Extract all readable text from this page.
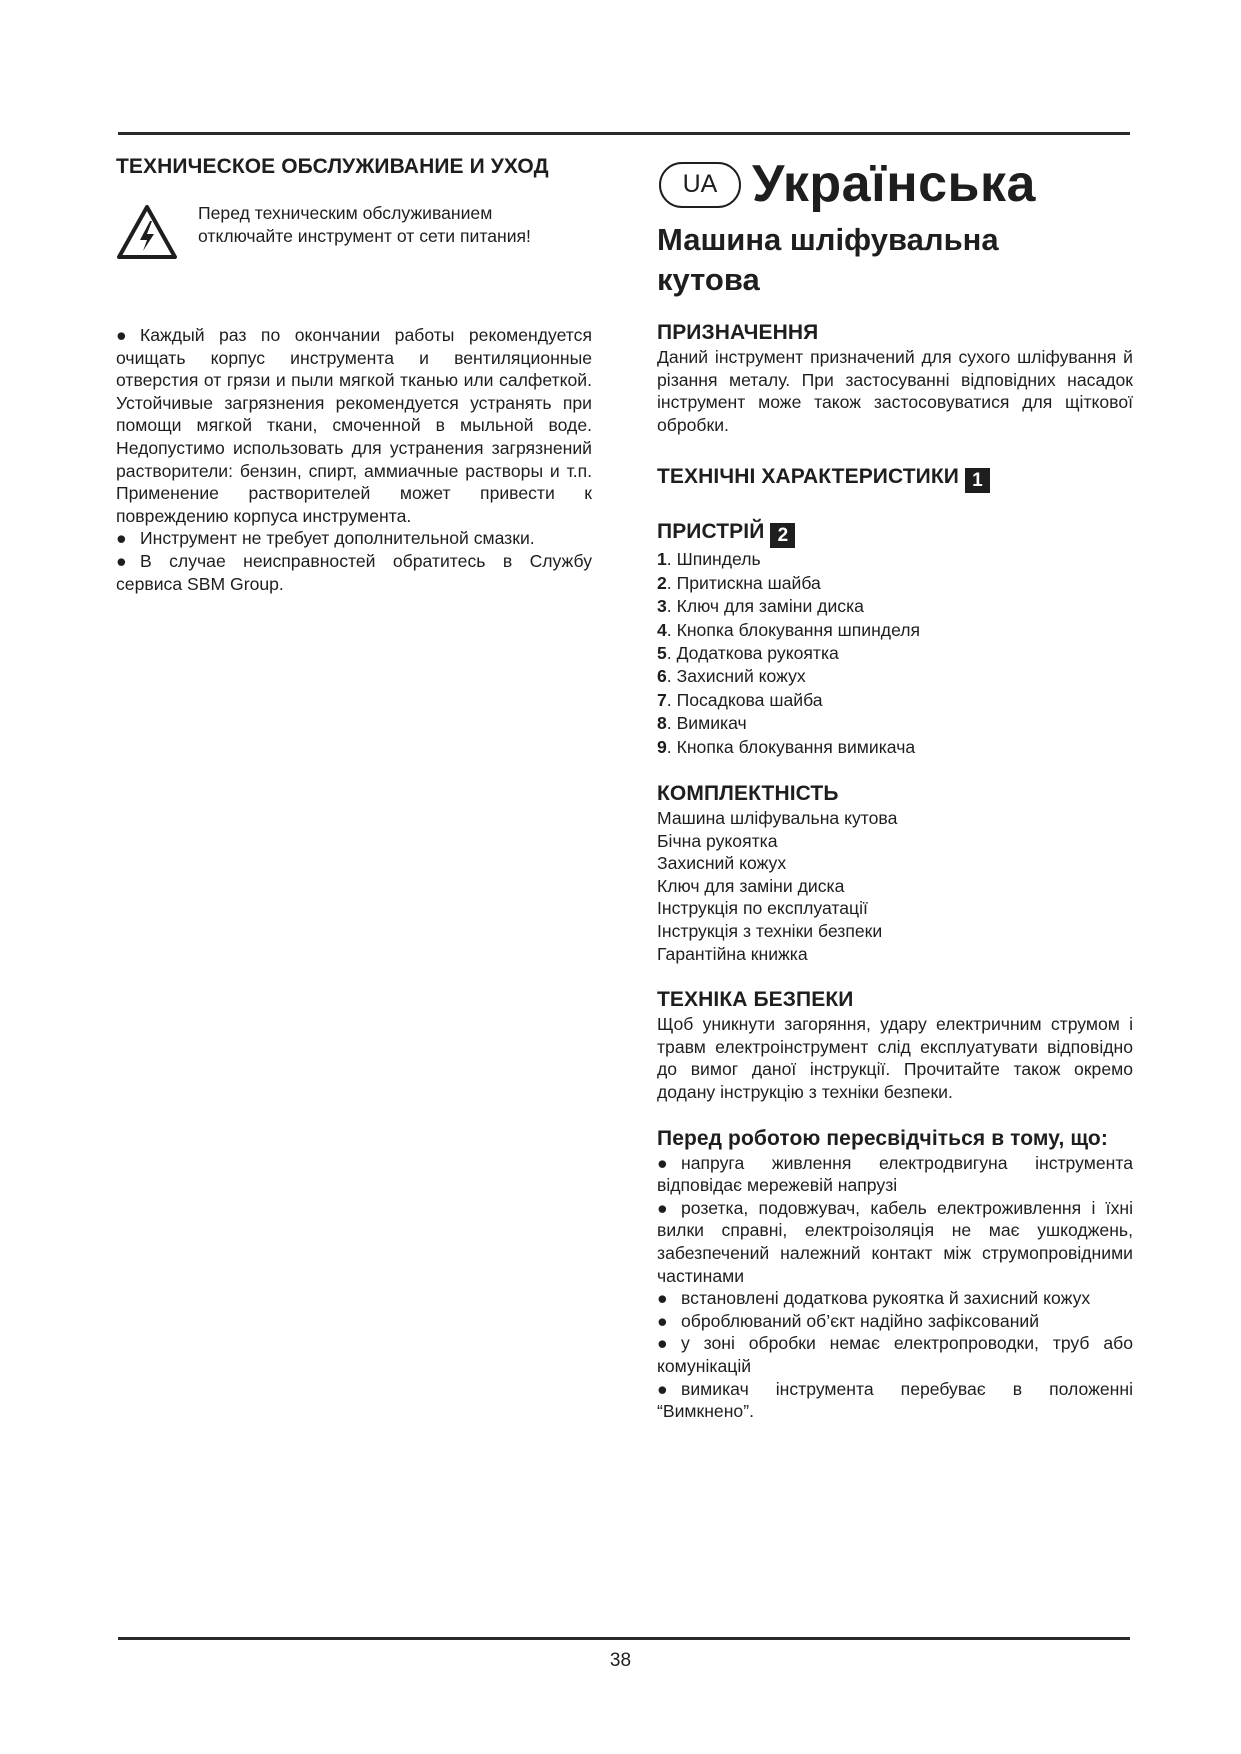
ТЕХНИЧЕСКОЕ ОБСЛУЖИВАНИЕ И УХОД
Перед техническим обслуживанием отключайте инструмент от сети питания!
● Каждый раз по окончании работы рекомендуется очищать корпус инструмента и вентиляционные отверстия от грязи и пыли мягкой тканью или салфеткой. Устойчивые загрязнения рекомендуется устранять при помощи мягкой ткани, смоченной в мыльной воде. Недопустимо использовать для устранения загрязнений растворители: бензин, спирт, аммиачные растворы и т.п. Применение растворителей может привести к повреждению корпуса инструмента.
● Инструмент не требует дополнительной смазки.
● В случае неисправностей обратитесь в Службу сервиса SBM Group.
UA Українська
Машина шліфувальна
кутова
ПРИЗНАЧЕННЯ

Даний інструмент призначений для сухого шліфування й різання металу. При застосуванні відповідних насадок інструмент може також застосовуватися для щіткової обробки.

ТЕХНІЧНІ ХАРАКТЕРИСТИКИ 1
ПРИСТРІЙ 2
1. Шпиндель
2. Притискна шайба
3. Ключ для заміни диска
4. Кнопка блокування шпинделя
5. Додаткова рукоятка
6. Захисний кожух
7. Посадкова шайба
8. Вимикач
9. Кнопка блокування вимикача
КОМПЛЕКТНІСТЬ
Машина шліфувальна кутова
Бічна рукоятка
Захисний кожух
Ключ для заміни диска
Інструкція по експлуатації
Інструкція з техніки безпеки
Гарантійна книжка
ТЕХНІКА БЕЗПЕКИ

Щоб уникнути загоряння, удару електричним струмом і травм електроінструмент слід експлуатувати відповідно до вимог даної інструкції. Прочитайте також окремо додану інструкцію з техніки безпеки.

Перед роботою пересвідчіться в тому, що:
● напруга живлення електродвигуна інструмента відповідає мережевій напрузі
● розетка, подовжувач, кабель електроживлення і їхні вилки справні, електроізоляція не має ушкоджень, забезпечений належний контакт між струмопровідними частинами
● встановлені додаткова рукоятка й захисний кожух
● оброблюваний об’єкт надійно зафіксований
● у зоні обробки немає електропроводки, труб або комунікацій
● вимикач інструмента перебуває в положенні “Вимкнено”.
38
